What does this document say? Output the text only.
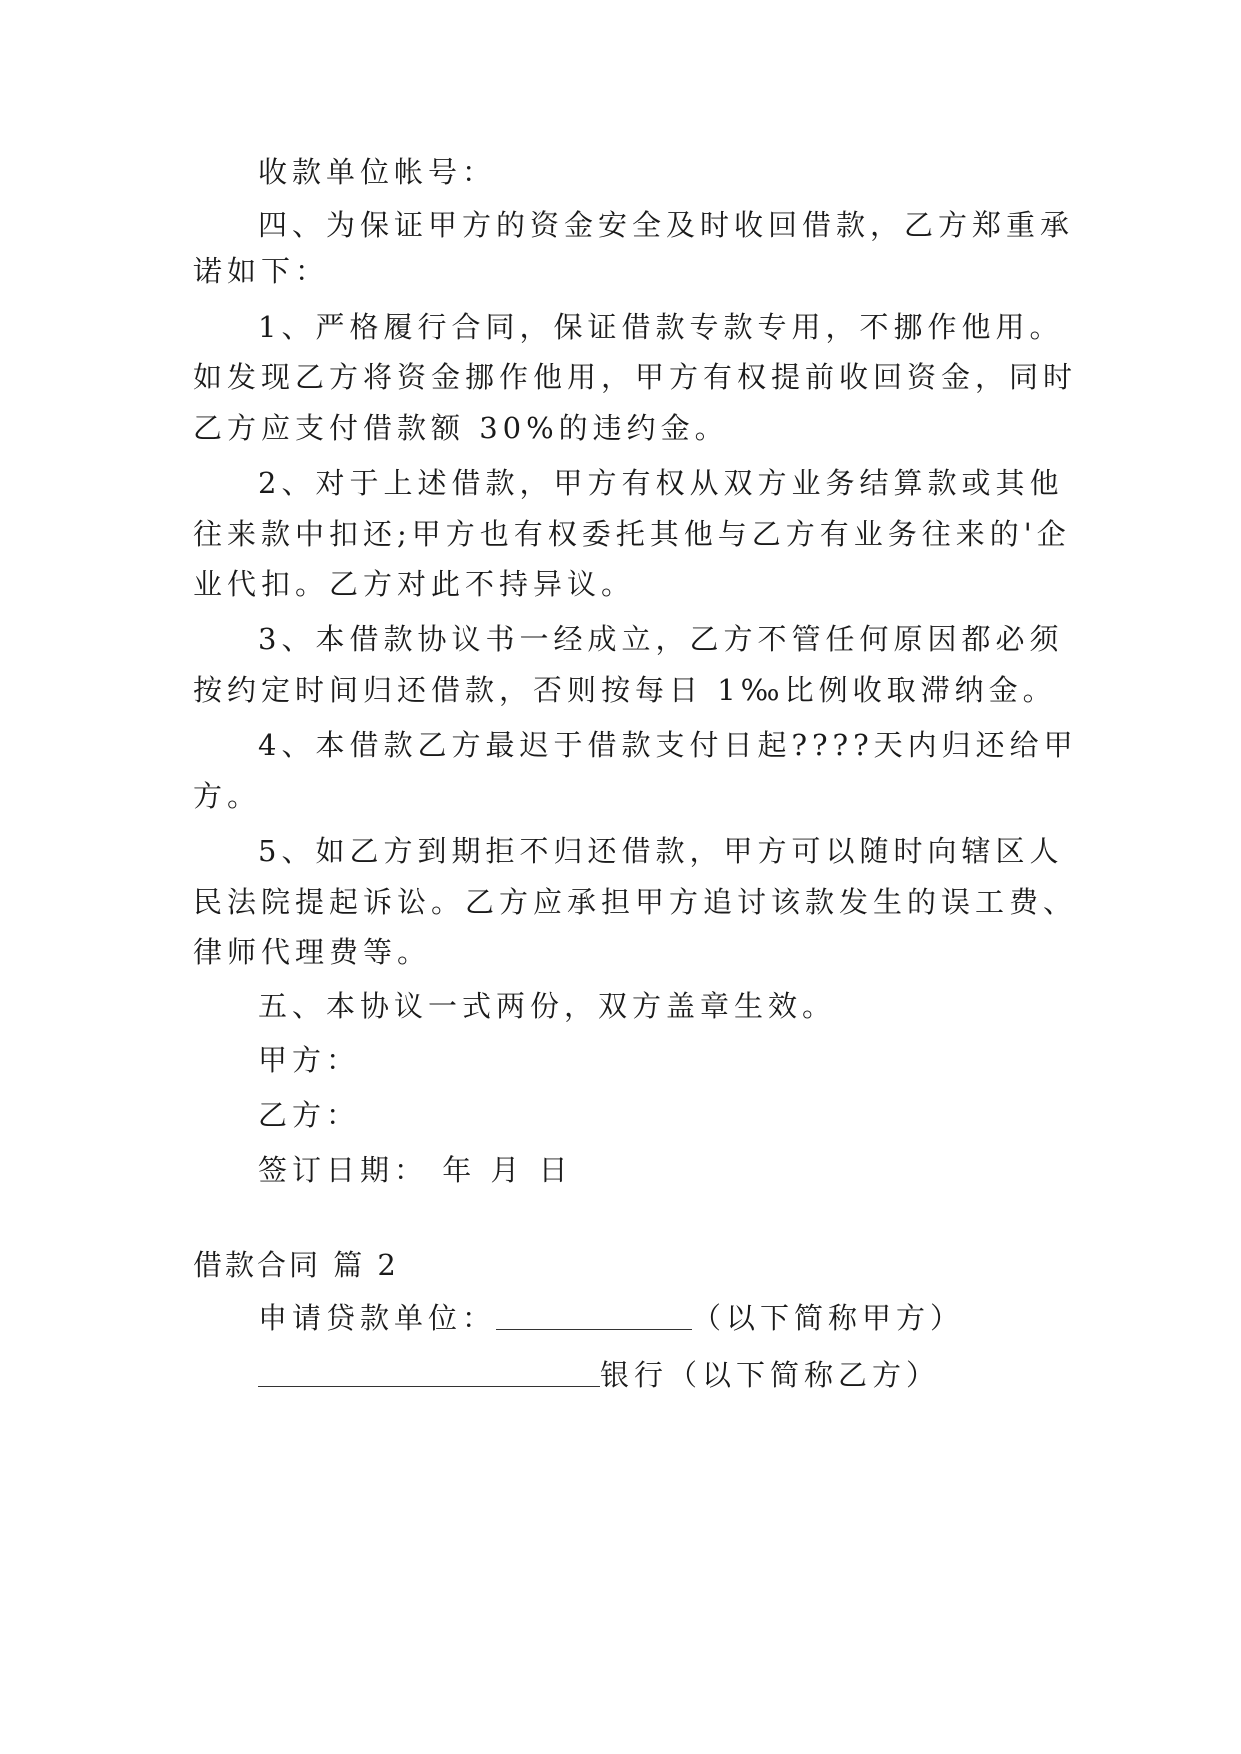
收款单位帐号：
四、为保证甲方的资金安全及时收回借款，乙方郑重承
诺如下：
1、严格履行合同，保证借款专款专用，不挪作他用。
如发现乙方将资金挪作他用，甲方有权提前收回资金，同时
乙方应支付借款额 30%的违约金。
2、对于上述借款，甲方有权从双方业务结算款或其他
往来款中扣还;甲方也有权委托其他与乙方有业务往来的'企
业代扣。乙方对此不持异议。
3、本借款协议书一经成立，乙方不管任何原因都必须
按约定时间归还借款，否则按每日 1‰比例收取滞纳金。
4、本借款乙方最迟于借款支付日起????天内归还给甲
方。
5、如乙方到期拒不归还借款，甲方可以随时向辖区人
民法院提起诉讼。乙方应承担甲方追讨该款发生的误工费、
律师代理费等。
五、本协议一式两份，双方盖章生效。
甲方：
乙方：
签订日期： 年 月 日
借款合同 篇 2
申请贷款单位：	（以下简称甲方）
银行（以下简称乙方）
